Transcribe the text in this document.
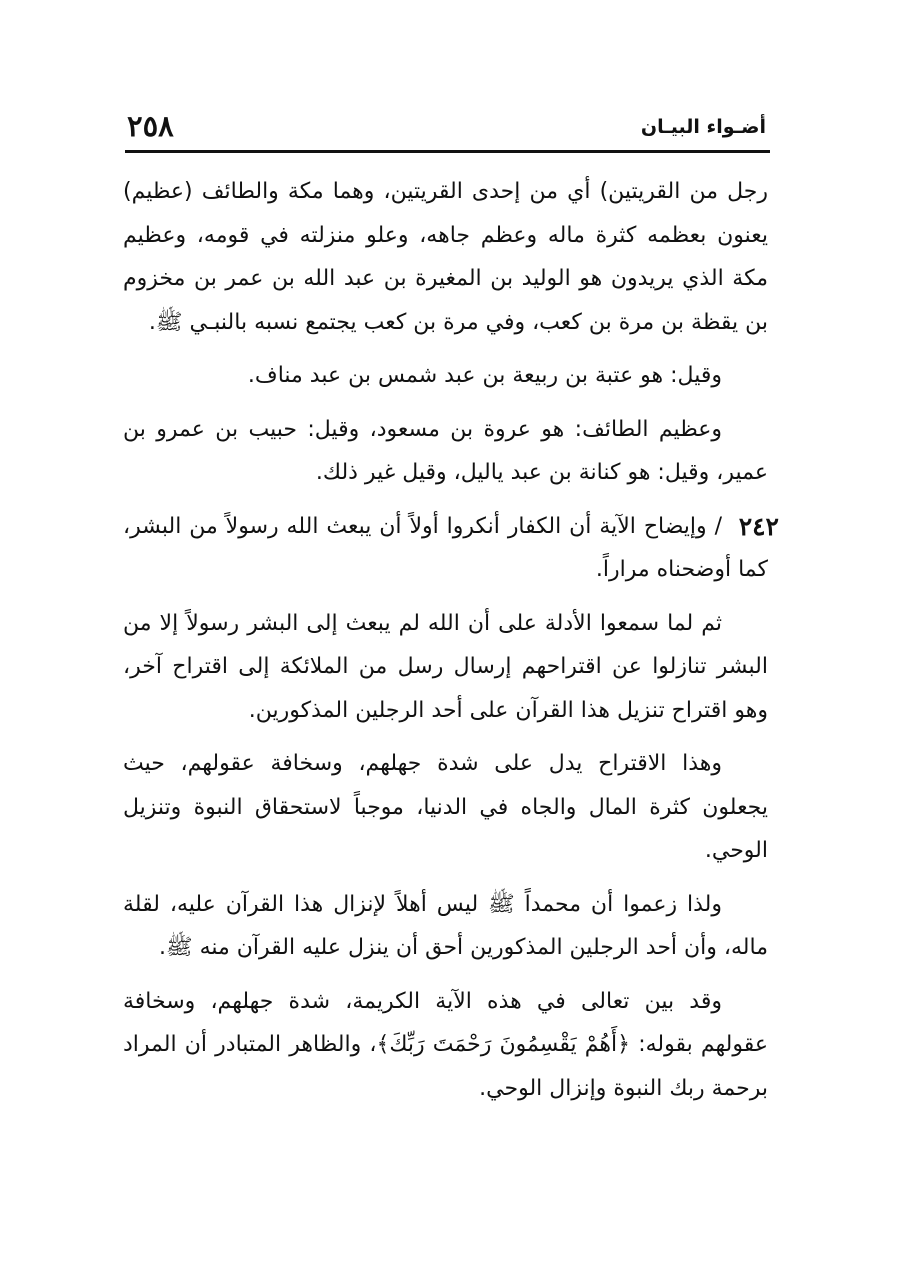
٢٥٨	أضـواء البيـان

رجل من القريتين) أي من إحدى القريتين، وهما مكة والطائف (عظيم) يعنون بعظمه كثرة ماله وعظم جاهه، وعلو منزلته في قومه، وعظيم مكة الذي يريدون هو الوليد بن المغيرة بن عبد الله بن عمر بن مخزوم بن يقظة بن مرة بن كعب، وفي مرة بن كعب يجتمع نسبه بالنبـي ﷺ.

وقيل: هو عتبة بن ربيعة بن عبد شمس بن عبد مناف.

وعظيم الطائف: هو عروة بن مسعود، وقيل: حبيب بن عمرو بن عمير، وقيل: هو كنانة بن عبد ياليل، وقيل غير ذلك.

٢٤٢
/ وإيضاح الآية أن الكفار أنكروا أولاً أن يبعث الله رسولاً من البشر، كما أوضحناه مراراً.

ثم لما سمعوا الأدلة على أن الله لم يبعث إلى البشر رسولاً إلا من البشر تنازلوا عن اقتراحهم إرسال رسل من الملائكة إلى اقتراح آخر، وهو اقتراح تنزيل هذا القرآن على أحد الرجلين المذكورين.

وهذا الاقتراح يدل على شدة جهلهم، وسخافة عقولهم، حيث يجعلون كثرة المال والجاه في الدنيا، موجباً لاستحقاق النبوة وتنزيل الوحي.

ولذا زعموا أن محمداً ﷺ ليس أهلاً لإنزال هذا القرآن عليه، لقلة ماله، وأن أحد الرجلين المذكورين أحق أن ينزل عليه القرآن منه ﷺ.

وقد بين تعالى في هذه الآية الكريمة، شدة جهلهم، وسخافة عقولهم بقوله: ﴿أَهُمْ يَقْسِمُونَ رَحْمَتَ رَبِّكَ﴾، والظاهر المتبادر أن المراد برحمة ربك النبوة وإنزال الوحي.
